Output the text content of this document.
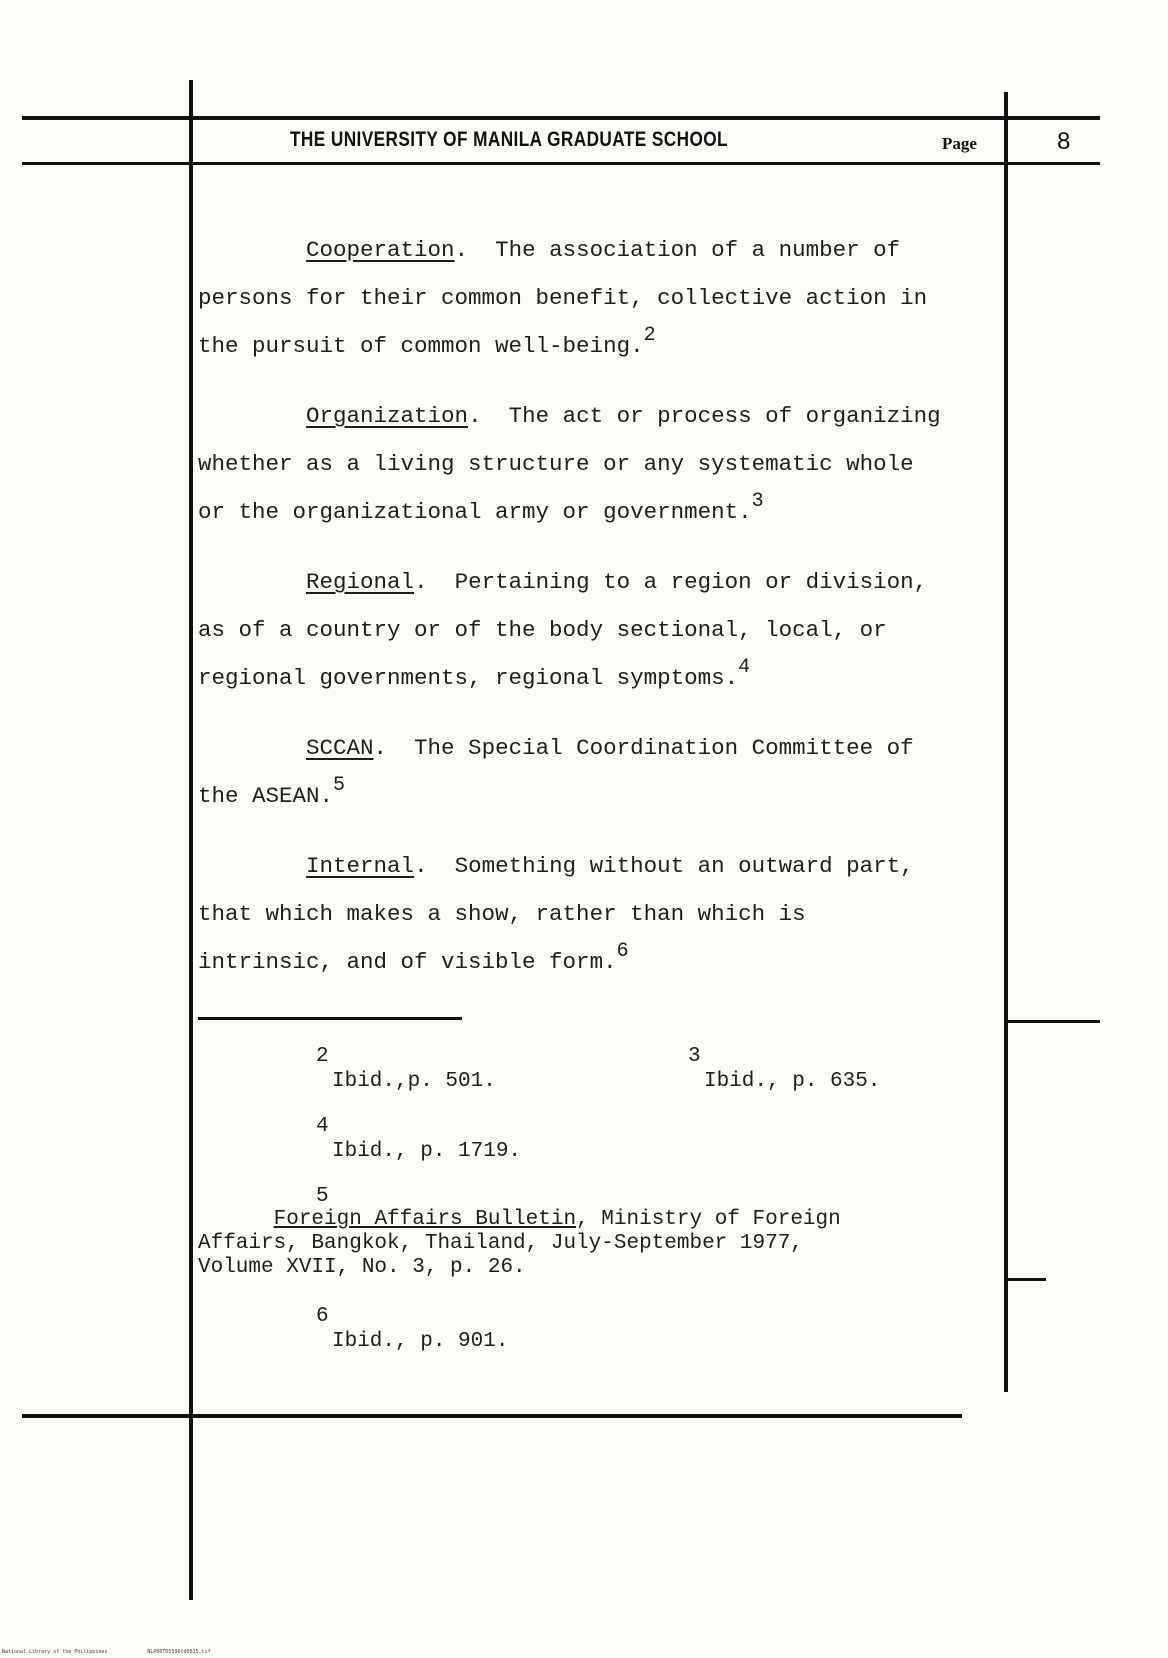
THE UNIVERSITY OF MANILA GRADUATE SCHOOL	Page	8
Cooperation.  The association of a number of
persons for their common benefit, collective action in
the pursuit of common well-being.$^2$
Organization.  The act or process of organizing
whether as a living structure or any systematic whole
or the organizational army or government.$^3$
Regional.  Pertaining to a region or division,
as of a country or of the body sectional, local, or
regional governments, regional symptoms.$^4$
SCCAN.  The Special Coordination Committee of
the ASEAN.$^5$
Internal.  Something without an outward part,
that which makes a show, rather than which is
intrinsic, and of visible form.$^6$
2
Ibid.,p. 501.
3
Ibid., p. 635.
4
Ibid., p. 1719.
5
Foreign Affairs Bulletin, Ministry of Foreign
Affairs, Bangkok, Thailand, July-September 1977,
Volume XVII, No. 3, p. 26.
6
Ibid., p. 901.
National Library of the Philippines	NLP00TD5596td0015.tif
